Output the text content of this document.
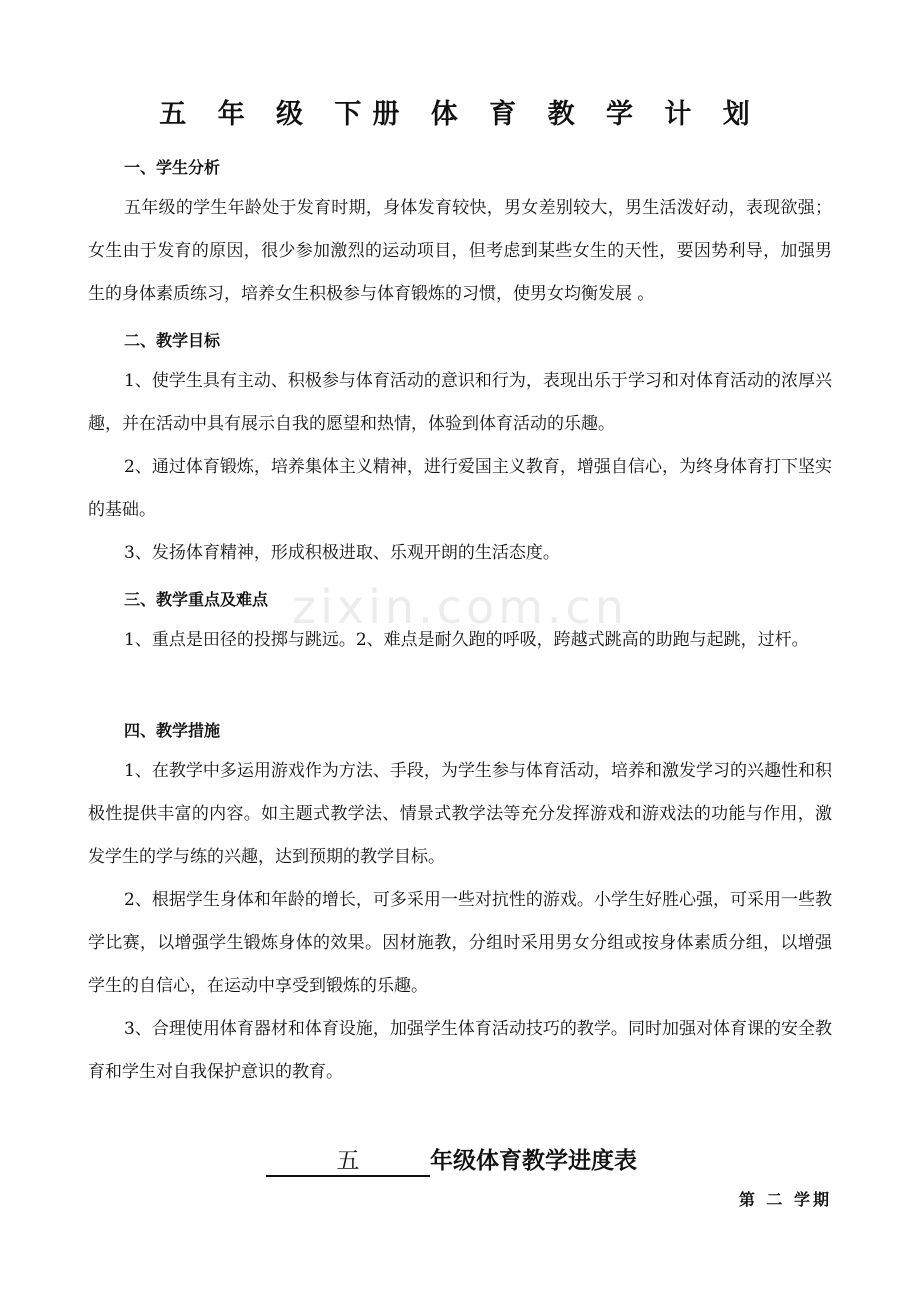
zixin.com.cn
五 年 级 下册 体 育 教 学 计 划
一、学生分析
五年级的学生年龄处于发育时期，身体发育较快，男女差别较大，男生活泼好动，表现欲强；女生由于发育的原因，很少参加激烈的运动项目，但考虑到某些女生的天性，要因势利导，加强男生的身体素质练习，培养女生积极参与体育锻炼的习惯，使男女均衡发展 。
二、教学目标
1、使学生具有主动、积极参与体育活动的意识和行为，表现出乐于学习和对体育活动的浓厚兴趣，并在活动中具有展示自我的愿望和热情，体验到体育活动的乐趣。
2、通过体育锻炼，培养集体主义精神，进行爱国主义教育，增强自信心，为终身体育打下坚实的基础。
3、发扬体育精神，形成积极进取、乐观开朗的生活态度。
三、教学重点及难点
1、重点是田径的投掷与跳远。2、难点是耐久跑的呼吸，跨越式跳高的助跑与起跳，过杆。
四、教学措施
1、在教学中多运用游戏作为方法、手段，为学生参与体育活动，培养和激发学习的兴趣性和积极性提供丰富的内容。如主题式教学法、情景式教学法等充分发挥游戏和游戏法的功能与作用，激发学生的学与练的兴趣，达到预期的教学目标。
2、根据学生身体和年龄的增长，可多采用一些对抗性的游戏。小学生好胜心强，可采用一些教学比赛，以增强学生锻炼身体的效果。因材施教，分组时采用男女分组或按身体素质分组，以增强学生的自信心，在运动中享受到锻炼的乐趣。
3、合理使用体育器材和体育设施，加强学生体育活动技巧的教学。同时加强对体育课的安全教育和学生对自我保护意识的教育。
五	年级体育教学进度表
第 二 学期
